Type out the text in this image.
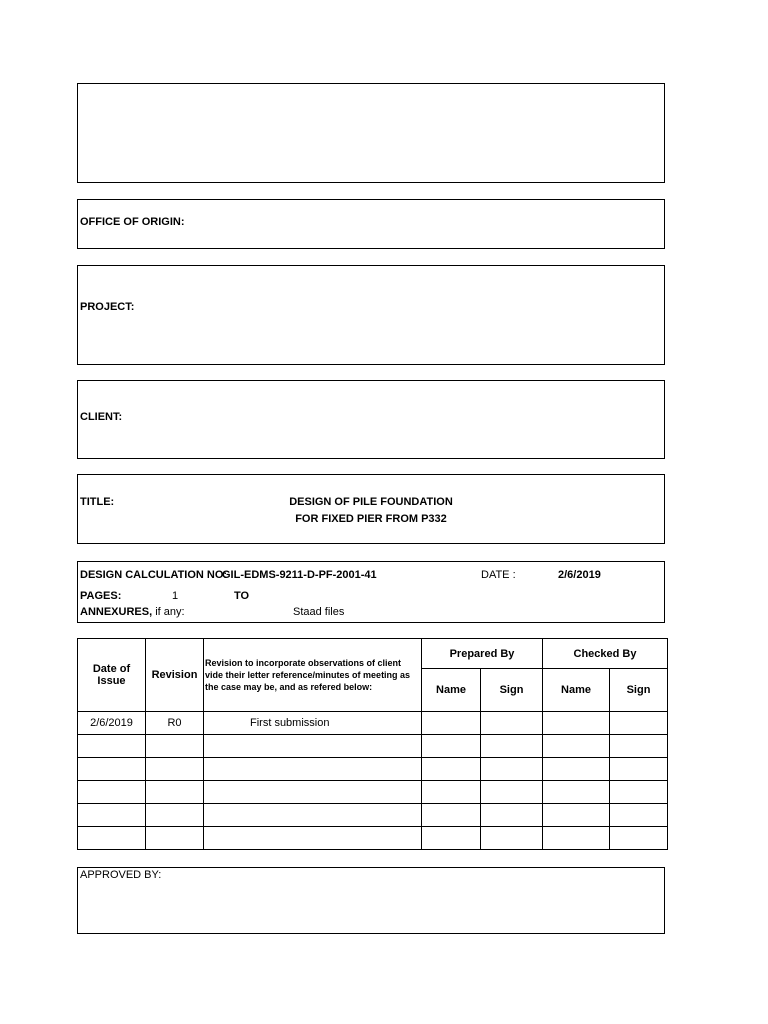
OFFICE OF ORIGIN:
PROJECT:
CLIENT:
TITLE:	DESIGN OF PILE FOUNDATION
FOR FIXED PIER FROM P332
DESIGN CALCULATION NO:
GIL-EDMS-9211-D-PF-2001-41	DATE :	2/6/2019
PAGES:	1	TO
ANNEXURES, if any:	Staad files
Date of Issue	Revision	Revision to incorporate observations of client vide their letter reference/minutes of meeting as the case may be, and as refered below:	Prepared By		Checked By	
			Name	Sign	Name	Sign
2/6/2019	R0	First submission				

APPROVED BY:
